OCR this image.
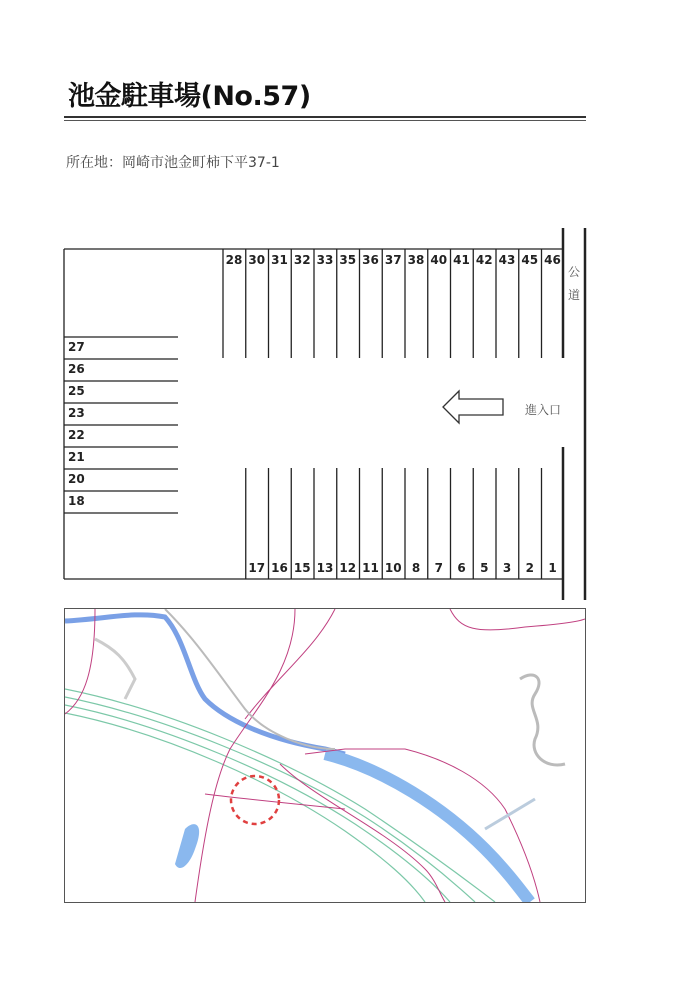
池金駐車場(No.57)
所在地：岡崎市池金町柿下平37-1
28 30 31 32 33 35 36 37 38 40 41 42 43 45 46
17 16 15 13 12 11 10 8	7	6	5	3	2	1
27
26
25
23
22
21
20
18
公
道
進入口
